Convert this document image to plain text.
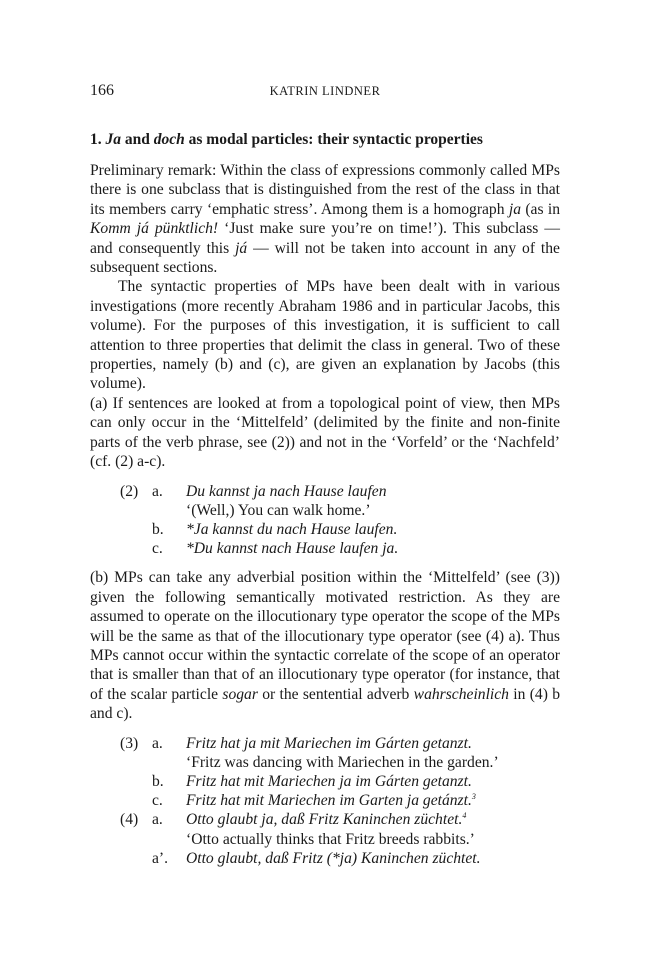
166	KATRIN LINDNER
1. Ja and doch as modal particles: their syntactic properties

Preliminary remark: Within the class of expressions commonly called MPs there is one subclass that is distinguished from the rest of the class in that its members carry ‘emphatic stress’. Among them is a homograph ja (as in Komm já pünktlich! ‘Just make sure you’re on time!’). This subclass — and consequently this já — will not be taken into account in any of the subsequent sections.

The syntactic properties of MPs have been dealt with in various investigations (more recently Abraham 1986 and in particular Jacobs, this volume). For the purposes of this investigation, it is sufficient to call attention to three properties that delimit the class in general. Two of these properties, namely (b) and (c), are given an explanation by Jacobs (this volume).

(a) If sentences are looked at from a topological point of view, then MPs can only occur in the ‘Mittelfeld’ (delimited by the finite and non-finite parts of the verb phrase, see (2)) and not in the ‘Vorfeld’ or the ‘Nachfeld’ (cf. (2) a-c).

(2) a.	Du kannst ja nach Hause laufen
‘(Well,) You can walk home.’
b.	*Ja kannst du nach Hause laufen.
c.	*Du kannst nach Hause laufen ja.

(b) MPs can take any adverbial position within the ‘Mittelfeld’ (see (3)) given the following semantically motivated restriction. As they are assumed to operate on the illocutionary type operator the scope of the MPs will be the same as that of the illocutionary type operator (see (4) a). Thus MPs cannot occur within the syntactic correlate of the scope of an operator that is smaller than that of an illocutionary type operator (for instance, that of the scalar particle sogar or the sentential adverb wahrscheinlich in (4) b and c).

(3) a.	Fritz hat ja mit Mariechen im Gárten getanzt.
‘Fritz was dancing with Mariechen in the garden.’
b.	Fritz hat mit Mariechen ja im Gárten getanzt.
c.	Fritz hat mit Mariechen im Garten ja getánzt.$^3$
(4) a.	Otto glaubt ja, daß Fritz Kaninchen züchtet.$^4$
‘Otto actually thinks that Fritz breeds rabbits.’
a’.	Otto glaubt, daß Fritz (*ja) Kaninchen züchtet.
